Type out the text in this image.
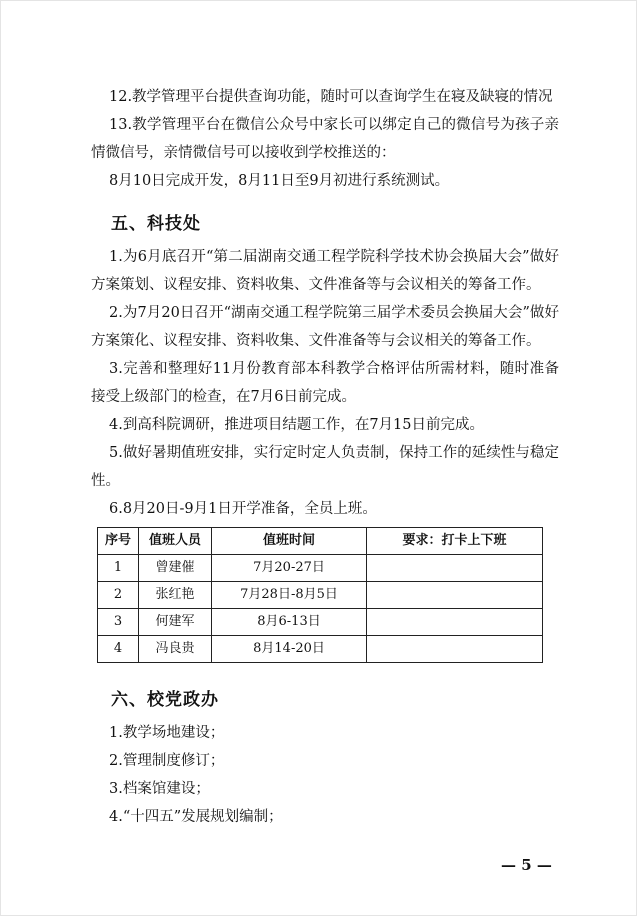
12.教学管理平台提供查询功能，随时可以查询学生在寝及缺寝的情况

13.教学管理平台在微信公众号中家长可以绑定自己的微信号为孩子亲情微信号，亲情微信号可以接收到学校推送的：

8月10日完成开发，8月11日至9月初进行系统测试。

五、科技处

1.为6月底召开“第二届湖南交通工程学院科学技术协会换届大会”做好方案策划、议程安排、资料收集、文件准备等与会议相关的筹备工作。

2.为7月20日召开“湖南交通工程学院第三届学术委员会换届大会”做好方案策化、议程安排、资料收集、文件准备等与会议相关的筹备工作。

3.完善和整理好11月份教育部本科教学合格评估所需材料，随时准备接受上级部门的检查，在7月6日前完成。

4.到高科院调研，推进项目结题工作，在7月15日前完成。

5.做好暑期值班安排，实行定时定人负责制，保持工作的延续性与稳定性。

6.8月20日-9月1日开学准备，全员上班。

序号	值班人员	值班时间	要求：打卡上下班
1	曾建催	7月20-27日	
2	张红艳	7月28日-8月5日	
3	何建军	8月6-13日	
4	冯良贵	8月14-20日	
六、校党政办

1.教学场地建设；

2.管理制度修订；

3.档案馆建设；

4.“十四五”发展规划编制；

— 5 —
